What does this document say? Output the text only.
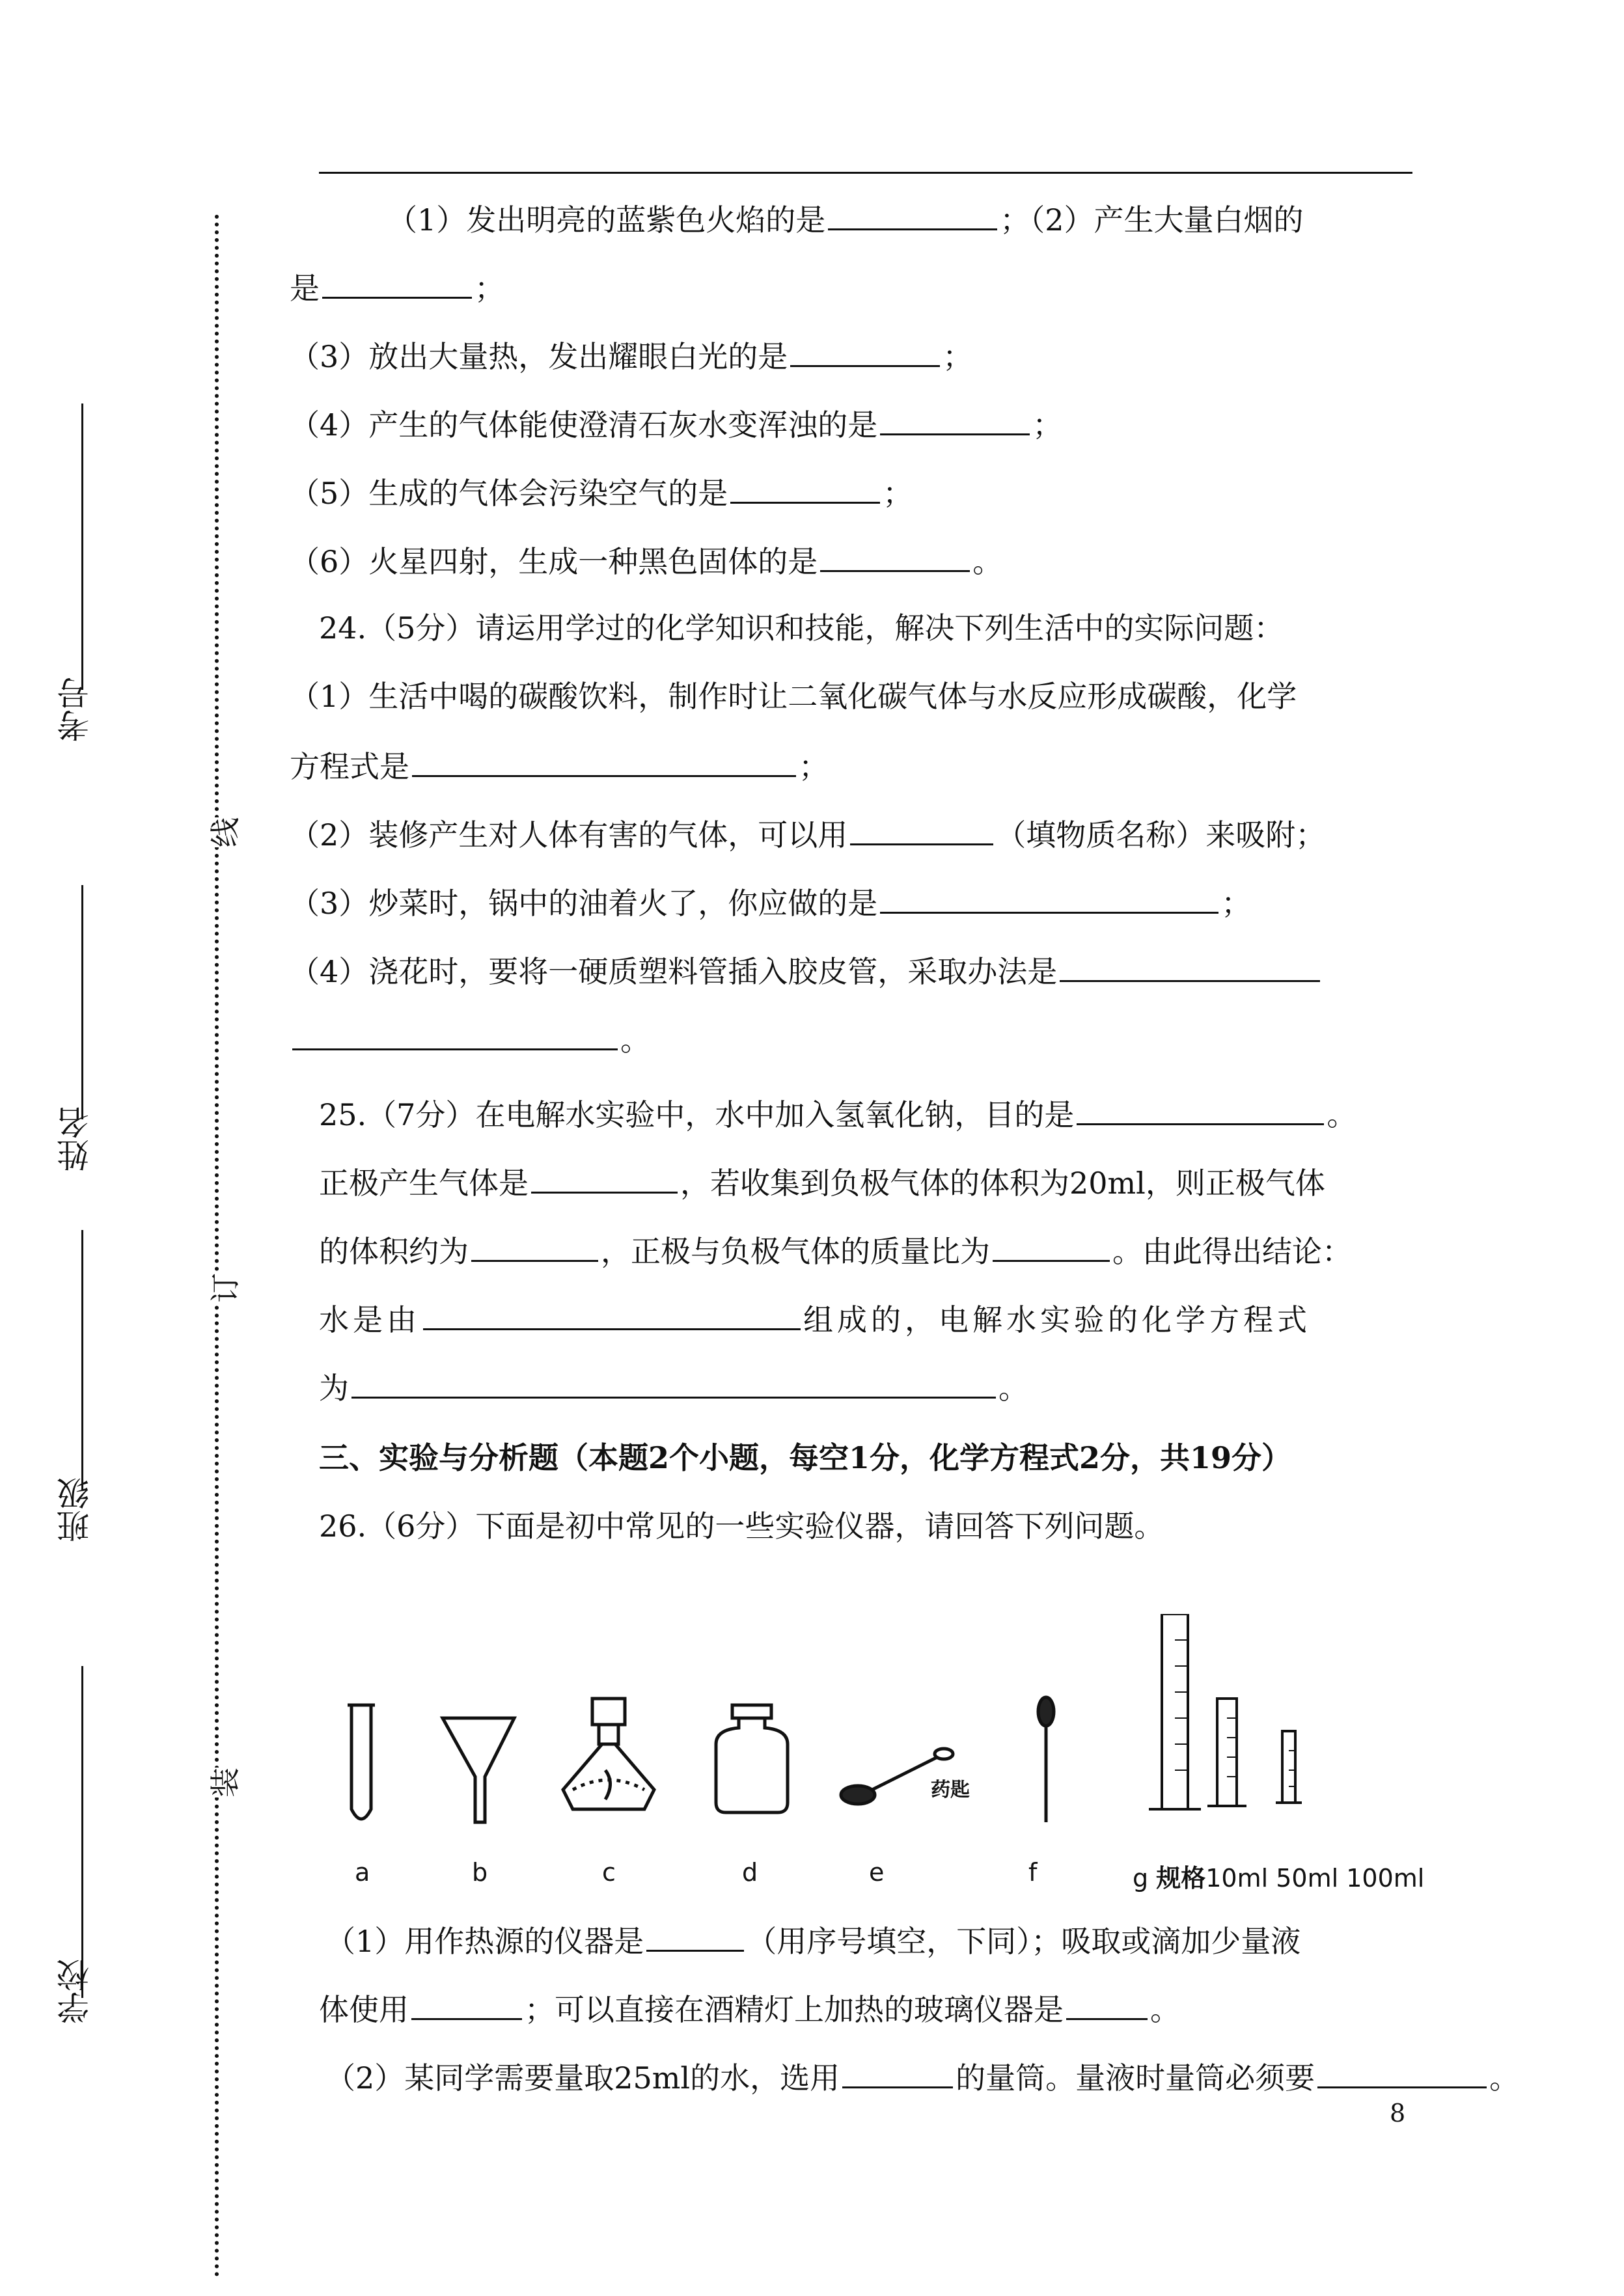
线
订
装
考号
姓名
班级
学校
（1）发出明亮的蓝紫色火焰的是	；（2）产生大量白烟的
是	；
（3）放出大量热，发出耀眼白光的是	；
（4）产生的气体能使澄清石灰水变浑浊的是	；
（5）生成的气体会污染空气的是	；
（6）火星四射，生成一种黑色固体的是	。
24.（5分）请运用学过的化学知识和技能，解决下列生活中的实际问题：
（1）生活中喝的碳酸饮料，制作时让二氧化碳气体与水反应形成碳酸，化学
方程式是	；
（2）装修产生对人体有害的气体，可以用	（填物质名称）来吸附；
（3）炒菜时，锅中的油着火了，你应做的是	；
（4）浇花时，要将一硬质塑料管插入胶皮管，采取办法是
。
25.（7分）在电解水实验中，水中加入氢氧化钠，目的是	。
正极产生气体是	，若收集到负极气体的体积为20ml，则正极气体
的体积约为	，正极与负极气体的质量比为	。由此得出结论：
水是由	组成的，电解水实验的化学方程式
为	。
三、实验与分析题（本题2个小题，每空1分，化学方程式2分，共19分）
26.（6分）下面是初中常见的一些实验仪器，请回答下列问题。
药匙
a	b	c	d	e	f	g 规格10ml 50ml 100ml
（1）用作热源的仪器是	（用序号填空，下同）；吸取或滴加少量液
体使用	；可以直接在酒精灯上加热的玻璃仪器是	。
（2）某同学需要量取25ml的水，选用	的量筒。量液时量筒必须要	。
8
